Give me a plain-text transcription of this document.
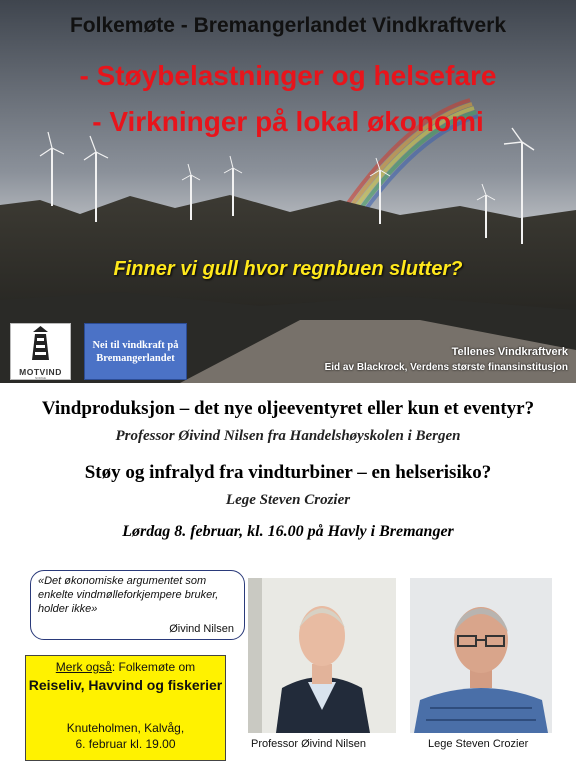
Folkemøte - Bremangerlandet Vindkraftverk
- Støybelastninger og helsefare
- Virkninger på lokal økonomi
Finner vi gull hvor regnbuen slutter?
MOTVIND
NORGE
Nei til vindkraft på Bremangerlandet	Tellenes Vindkraftverk
Eid av Blackrock, Verdens største finansinstitusjon
Vindproduksjon – det nye oljeeventyret eller kun et eventyr?
Professor Øivind Nilsen fra Handelshøyskolen i Bergen
Støy og infralyd fra vindturbiner – en helserisiko?
Lege Steven Crozier
Lørdag 8. februar, kl. 16.00 på Havly i Bremanger
«Det økonomiske argumentet som enkelte vindmølleforkjempere bruker, holder ikke»
Øivind Nilsen
Merk også: Folkemøte om
Reiseliv, Havvind og fiskerier
Knuteholmen, Kalvåg,
6. februar kl. 19.00	Professor Øivind Nilsen	Lege Steven Crozier
